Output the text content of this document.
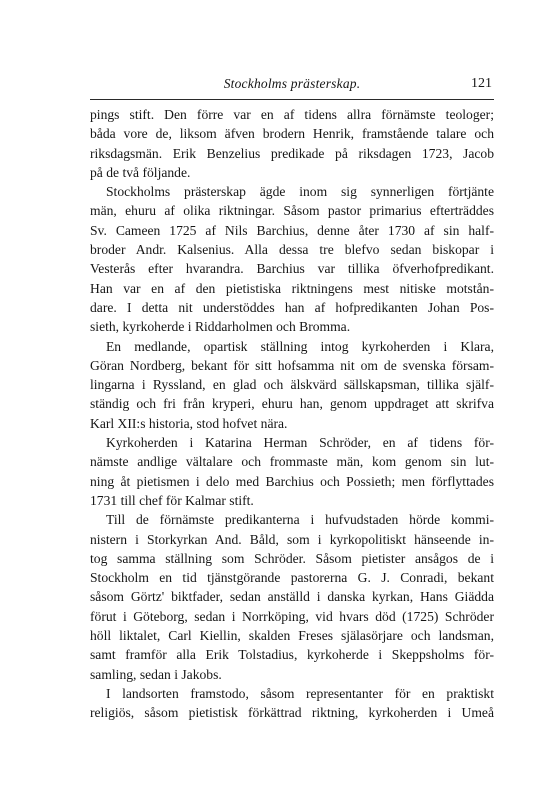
Stockholms prästerskap.	121

pings stift. Den förre var en af tidens allra förnämste teologer;
båda vore de, liksom äfven brodern Henrik, framstående talare och
riksdagsmän. Erik Benzelius predikade på riksdagen 1723, Jacob
på de två följande.

Stockholms prästerskap ägde inom sig synnerligen förtjänte
män, ehuru af olika riktningar. Såsom pastor primarius efterträddes
Sv. Cameen 1725 af Nils Barchius, denne åter 1730 af sin half-
broder Andr. Kalsenius. Alla dessa tre blefvo sedan biskopar i
Vesterås efter hvarandra. Barchius var tillika öfverhofpredikant.
Han var en af den pietistiska riktningens mest nitiske motstån-
dare. I detta nit understöddes han af hofpredikanten Johan Pos-
sieth, kyrkoherde i Riddarholmen och Bromma.

En medlande, opartisk ställning intog kyrkoherden i Klara,
Göran Nordberg, bekant för sitt hofsamma nit om de svenska försam-
lingarna i Ryssland, en glad och älskvärd sällskapsman, tillika själf-
ständig och fri från kryperi, ehuru han, genom uppdraget att skrifva
Karl XII:s historia, stod hofvet nära.

Kyrkoherden i Katarina Herman Schröder, en af tidens för-
nämste andlige vältalare och frommaste män, kom genom sin lut-
ning åt pietismen i delo med Barchius och Possieth; men förflyttades
1731 till chef för Kalmar stift.

Till de förnämste predikanterna i hufvudstaden hörde kommi-
nistern i Storkyrkan And. Båld, som i kyrkopolitiskt hänseende in-
tog samma ställning som Schröder. Såsom pietister ansågos de i
Stockholm en tid tjänstgörande pastorerna G. J. Conradi, bekant
såsom Görtz' biktfader, sedan anställd i danska kyrkan, Hans Giädda
förut i Göteborg, sedan i Norrköping, vid hvars död (1725) Schröder
höll liktalet, Carl Kiellin, skalden Freses själasörjare och landsman,
samt framför alla Erik Tolstadius, kyrkoherde i Skeppsholms för-
samling, sedan i Jakobs.

I landsorten framstodo, såsom representanter för en praktiskt
religiös, såsom pietistisk förkättrad riktning, kyrkoherden i Umeå
